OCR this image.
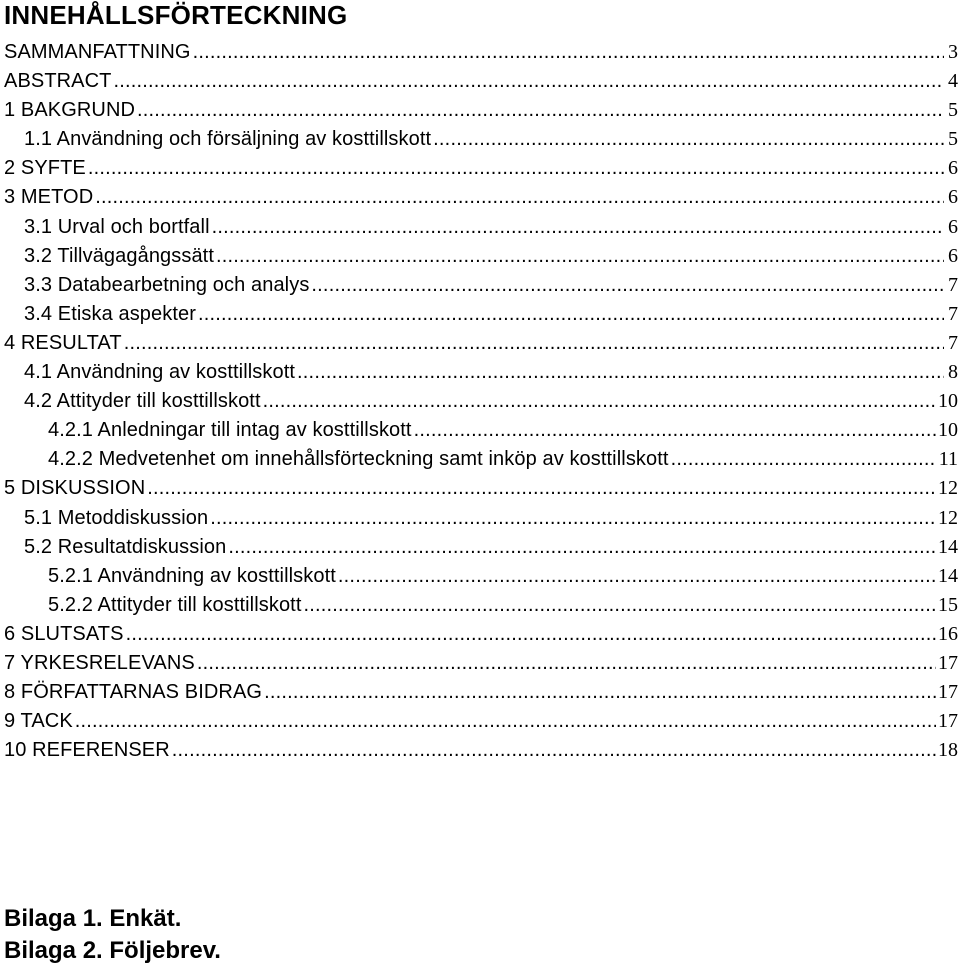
INNEHÅLLSFÖRTECKNING
SAMMANFATTNING .....	3
ABSTRACT .....	4
1 BAKGRUND .....	5
1.1 Användning och försäljning av kosttillskott .....	5
2 SYFTE .....	6
3 METOD .....	6
3.1 Urval och bortfall .....	6
3.2 Tillvägagångssätt .....	6
3.3 Databearbetning och analys .....	7
3.4 Etiska aspekter .....	7
4 RESULTAT .....	7
4.1 Användning av kosttillskott .....	8
4.2 Attityder till kosttillskott .....	10
4.2.1 Anledningar till intag av kosttillskott .....	10
4.2.2 Medvetenhet om innehållsförteckning samt inköp av kosttillskott .....	11
5 DISKUSSION .....	12
5.1 Metoddiskussion .....	12
5.2 Resultatdiskussion .....	14
5.2.1 Användning av kosttillskott .....	14
5.2.2 Attityder till kosttillskott .....	15
6 SLUTSATS .....	16
7 YRKESRELEVANS .....	17
8 FÖRFATTARNAS BIDRAG .....	17
9 TACK .....	17
10 REFERENSER .....	18

Bilaga 1. Enkät.

Bilaga 2. Följebrev.
